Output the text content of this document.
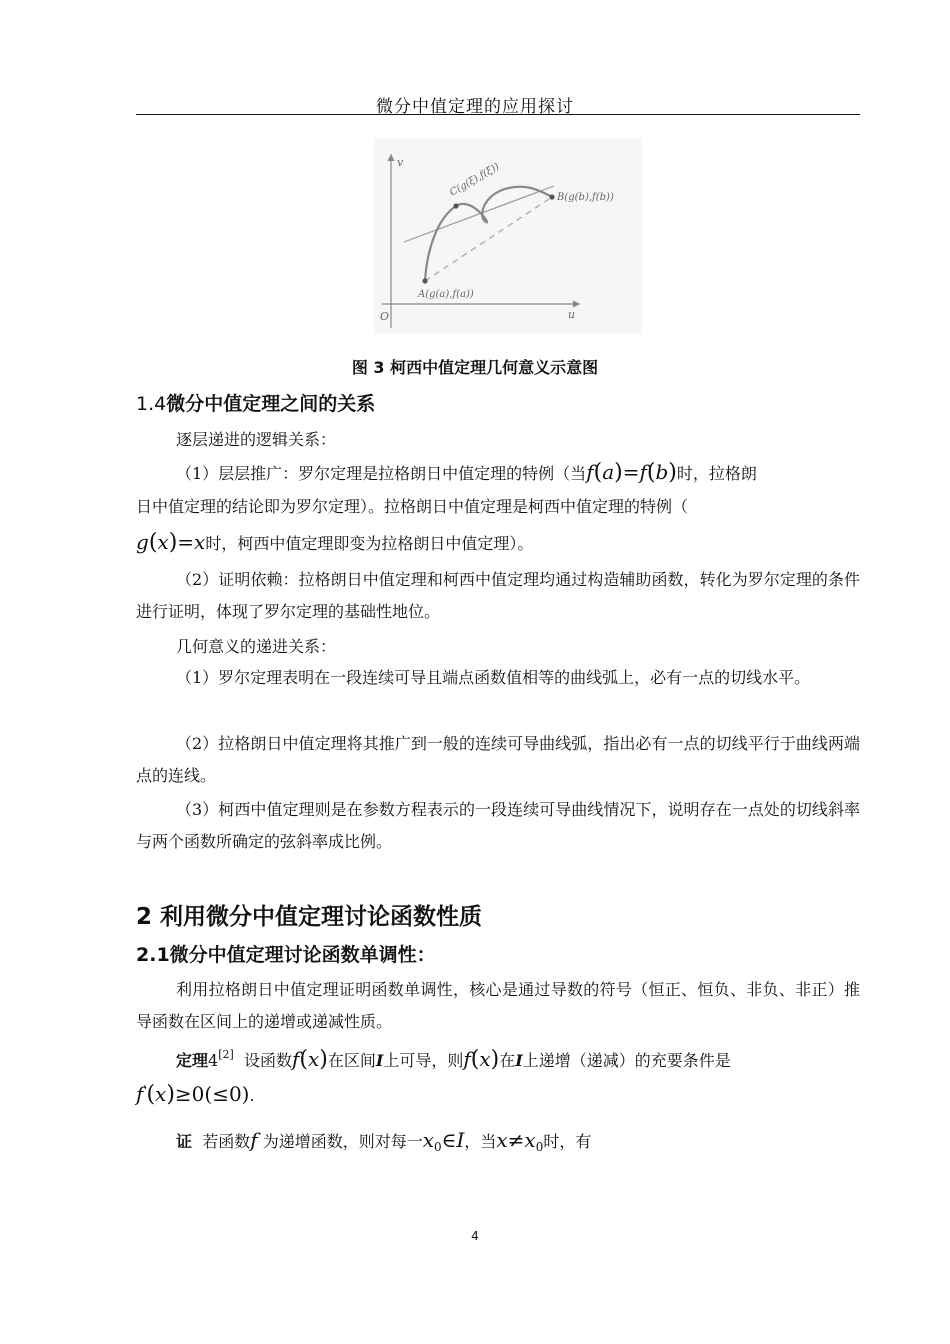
微分中值定理的应用探讨
v
u
O
A(g(a),f(a))
B(g(b),f(b))
C(g(ξ),f(ξ))
图 3 柯西中值定理几何意义示意图
1.4微分中值定理之间的关系
逐层递进的逻辑关系：
（1）层层推广：罗尔定理是拉格朗日中值定理的特例（当f(a)=f(b)时，拉格朗
日中值定理的结论即为罗尔定理）。拉格朗日中值定理是柯西中值定理的特例（
g(x)=x时，柯西中值定理即变为拉格朗日中值定理）。
（2）证明依赖：拉格朗日中值定理和柯西中值定理均通过构造辅助函数，转化为罗尔定理的条件进行证明，体现了罗尔定理的基础性地位。
几何意义的递进关系：
（1）罗尔定理表明在一段连续可导且端点函数值相等的曲线弧上，必有一点的切线水平。
（2）拉格朗日中值定理将其推广到一般的连续可导曲线弧，指出必有一点的切线平行于曲线两端点的连线。
（3）柯西中值定理则是在参数方程表示的一段连续可导曲线情况下，说明存在一点处的切线斜率与两个函数所确定的弦斜率成比例。
2 利用微分中值定理讨论函数性质
2.1微分中值定理讨论函数单调性：
利用拉格朗日中值定理证明函数单调性，核心是通过导数的符号（恒正、恒负、非负、非正）推导函数在区间上的递增或递减性质。
定理4[2] 设函数f(x)在区间I上可导，则f(x)在I上递增（递减）的充要条件是
f'(x)≥0(≤0).
证 若函数f 为递增函数，则对每一$x_0\in I$，当$x\ne x_0$时，有
4
